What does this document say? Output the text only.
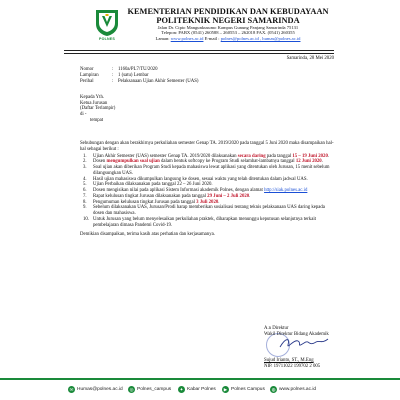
POLNES
KEMENTERIAN PENDIDIKAN DAN KEBUDAYAAN
POLITEKNIK NEGERI SAMARINDA
Jalan Dr. Cipto Mangunkusumo Kampus Gunung Panjang Samarinda 75131
Telepon: PABX (0541) 260588 – 260553 – 262018 FAX. (0541) 260355
Laman: www.polnes.ac.id E-mail : polnes@polnes.ac.id , humas@polnes.ac.id
Samarinda, 28 Mei 2020
Nomor	: 1160a/PL7/TU/2020
Lampiran	: 1 (satu) Lembar
Perihal	: Pelaksanaan Ujian Akhir Semester (UAS)
Kepada Yth.
Ketua Jurusan
(Daftar Terlampir)
di -
tempat

Sehubungan dengan akan berakhirnya perkuliahan semester Genap TA. 2019/2020 pada tanggal 5 Juni 2020 maka disampaikan hal-hal sebagai berikut :

1.	Ujian Akhir Semester (UAS) semester Genap TA. 2019/2020 dilaksanakan secara daring pada tanggal 15 – 19 Juni 2020.
2.	Dosen mengumpulkan soal ujian dalam bentuk softcopy ke Program Studi selambat-lambatnya tanggal 12 Juni 2020.
3.	Soal ujian akan diberikan Program Studi kepada mahasiswa lewat aplikasi yang ditentukan oleh Jurusan, 15 menit sebelum dilangsungkan UAS.
4.	Hasil ujian mahasiswa dikumpulkan langsung ke dosen, sesuai waktu yang telah ditentukan dalam jadwal UAS.
5.	Ujian Perbaikan dilaksanakan pada tanggal 22 – 26 Juni 2020.
6.	Dosen mengisikan nilai pada aplikasi Sistem Informasi akademik Polnes, dengan alamat http://siak.polnes.ac.id
7.	Rapat kelulusan tingkat Jurusan dilaksanakan pada tanggal 29 Juni – 2 Juli 2020.
8.	Pengumuman kelulusan tingkat Jurusan pada tanggal 3 Juli 2020.
9.	Sebelum dilaksanakan UAS, Jurusan/Prodi harap memberikan sosialisasi tentang teknis pelaksanaan UAS daring kepada dosen dan mahasiswa.
10. Untuk Jurusan yang belum menyelesaikan perkuliahan praktek, diharapkan menunggu keputusan selanjutnya terkait pembelajaran dimasa Pandemi Covid-19.

Demikian disampaikan, terima kasih atas perhatian dan kerjasamanya.

A.n Direktur
Wakil Direktur Bidang Akademik
Sujud Irianto, ST., M.Eng
NIP. 19711022 199702 2 005
✉ Humas@polnes.ac.id	◎ Polnes_campus	✦ Kabar Polnes	▶ Polnes Campus	◍ www.polnes.ac.id
